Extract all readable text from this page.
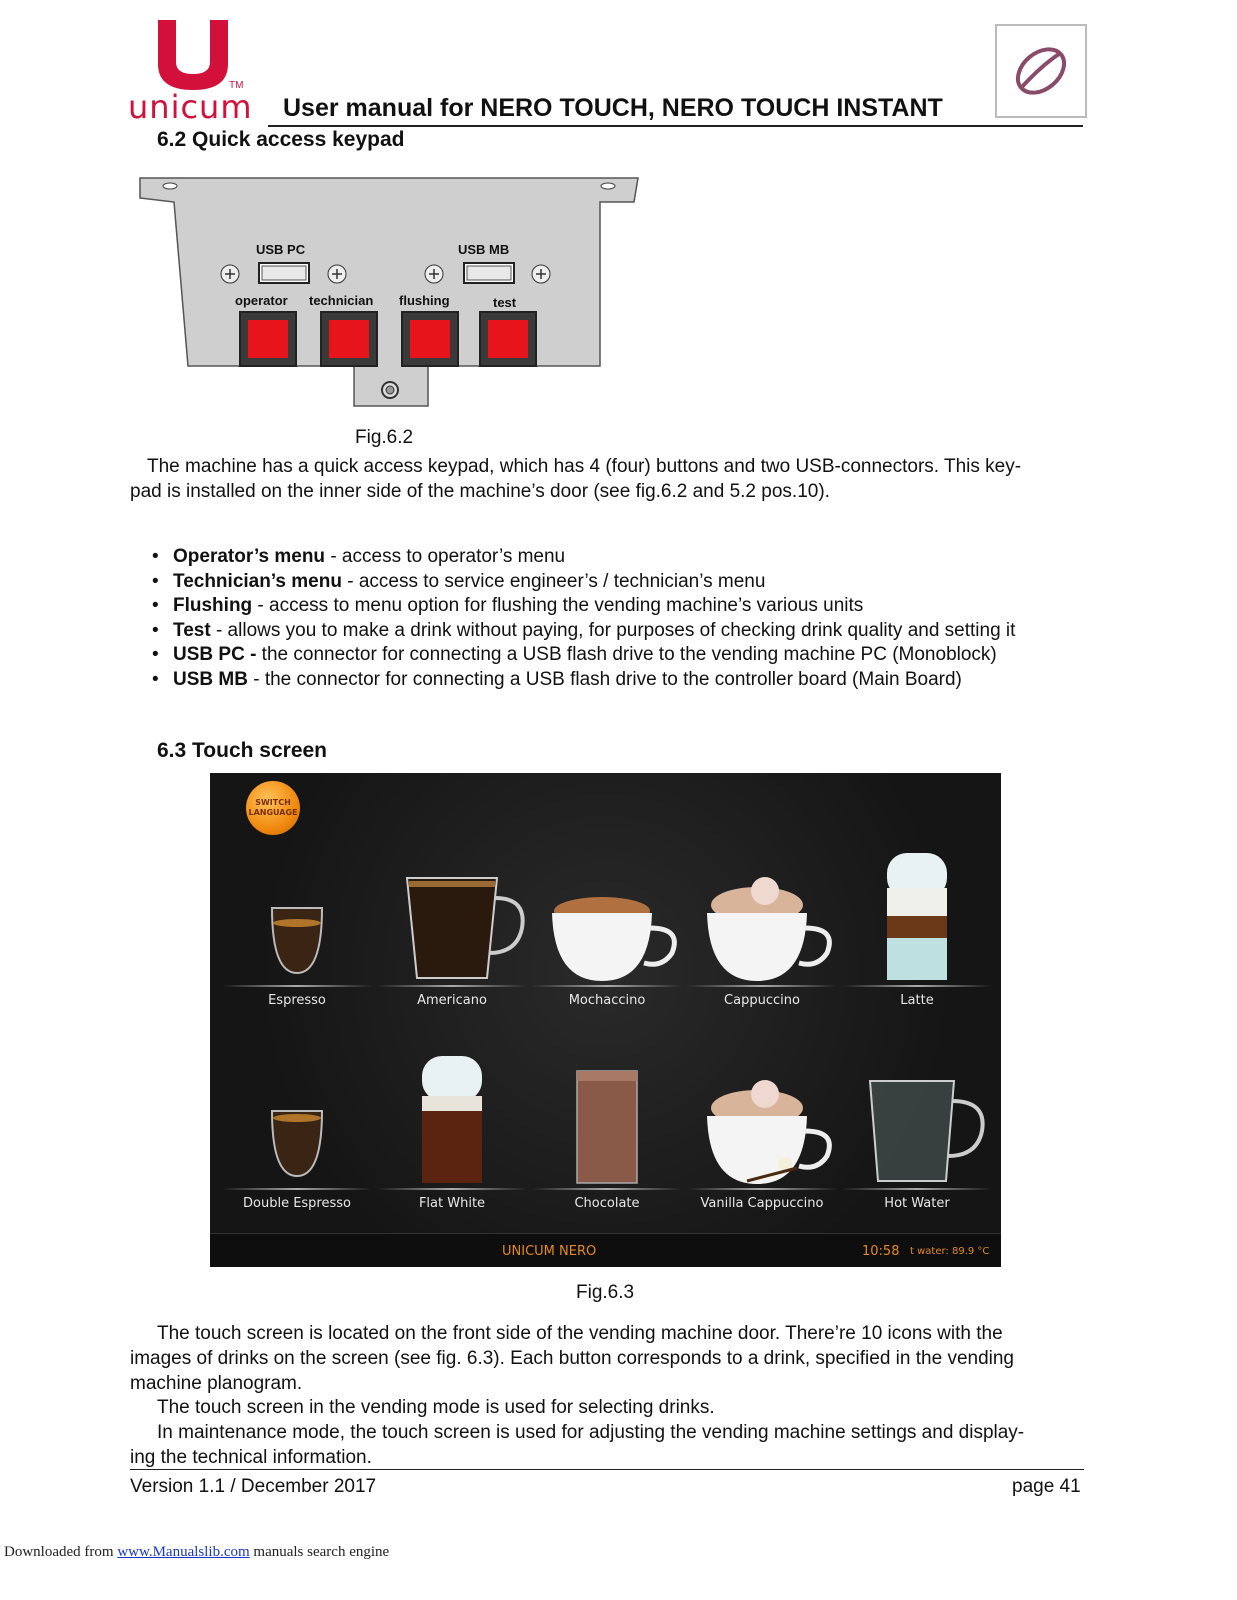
TM
unicum User manual for NERO TOUCH, NERO TOUCH INSTANT
6.2 Quick access keypad
USB PC	USB MB
operator technician flushing	test
Fig.6.2
The machine has a quick access keypad, which has 4 (four) buttons and two USB-connectors. This key-
pad is installed on the inner side of the machine’s door (see fig.6.2 and 5.2 pos.10).
• Operator’s menu - access to operator’s menu
• Technician’s menu - access to service engineer’s / technician’s menu
• Flushing - access to menu option for flushing the vending machine’s various units
• Test - allows you to make a drink without paying, for purposes of checking drink quality and setting it
• USB PC - the connector for connecting a USB flash drive to the vending machine PC (Monoblock)
• USB MB - the connector for connecting a USB flash drive to the controller board (Main Board)
6.3 Touch screen
SWITCH
LANGUAGE
Espresso	Americano	Mochaccino	Cappuccino	Latte
Double Espresso	Flat White	Chocolate	Vanilla Cappuccino	Hot Water
UNICUM NERO	10:58 t water: 89.9 °C
Fig.6.3
The touch screen is located on the front side of the vending machine door. There’re 10 icons with the
images of drinks on the screen (see fig. 6.3). Each button corresponds to a drink, specified in the vending
machine planogram.
The touch screen in the vending mode is used for selecting drinks.
In maintenance mode, the touch screen is used for adjusting the vending machine settings and display-
ing the technical information.
Version 1.1 / December 2017	page 41
Downloaded from www.Manualslib.com manuals search engine
